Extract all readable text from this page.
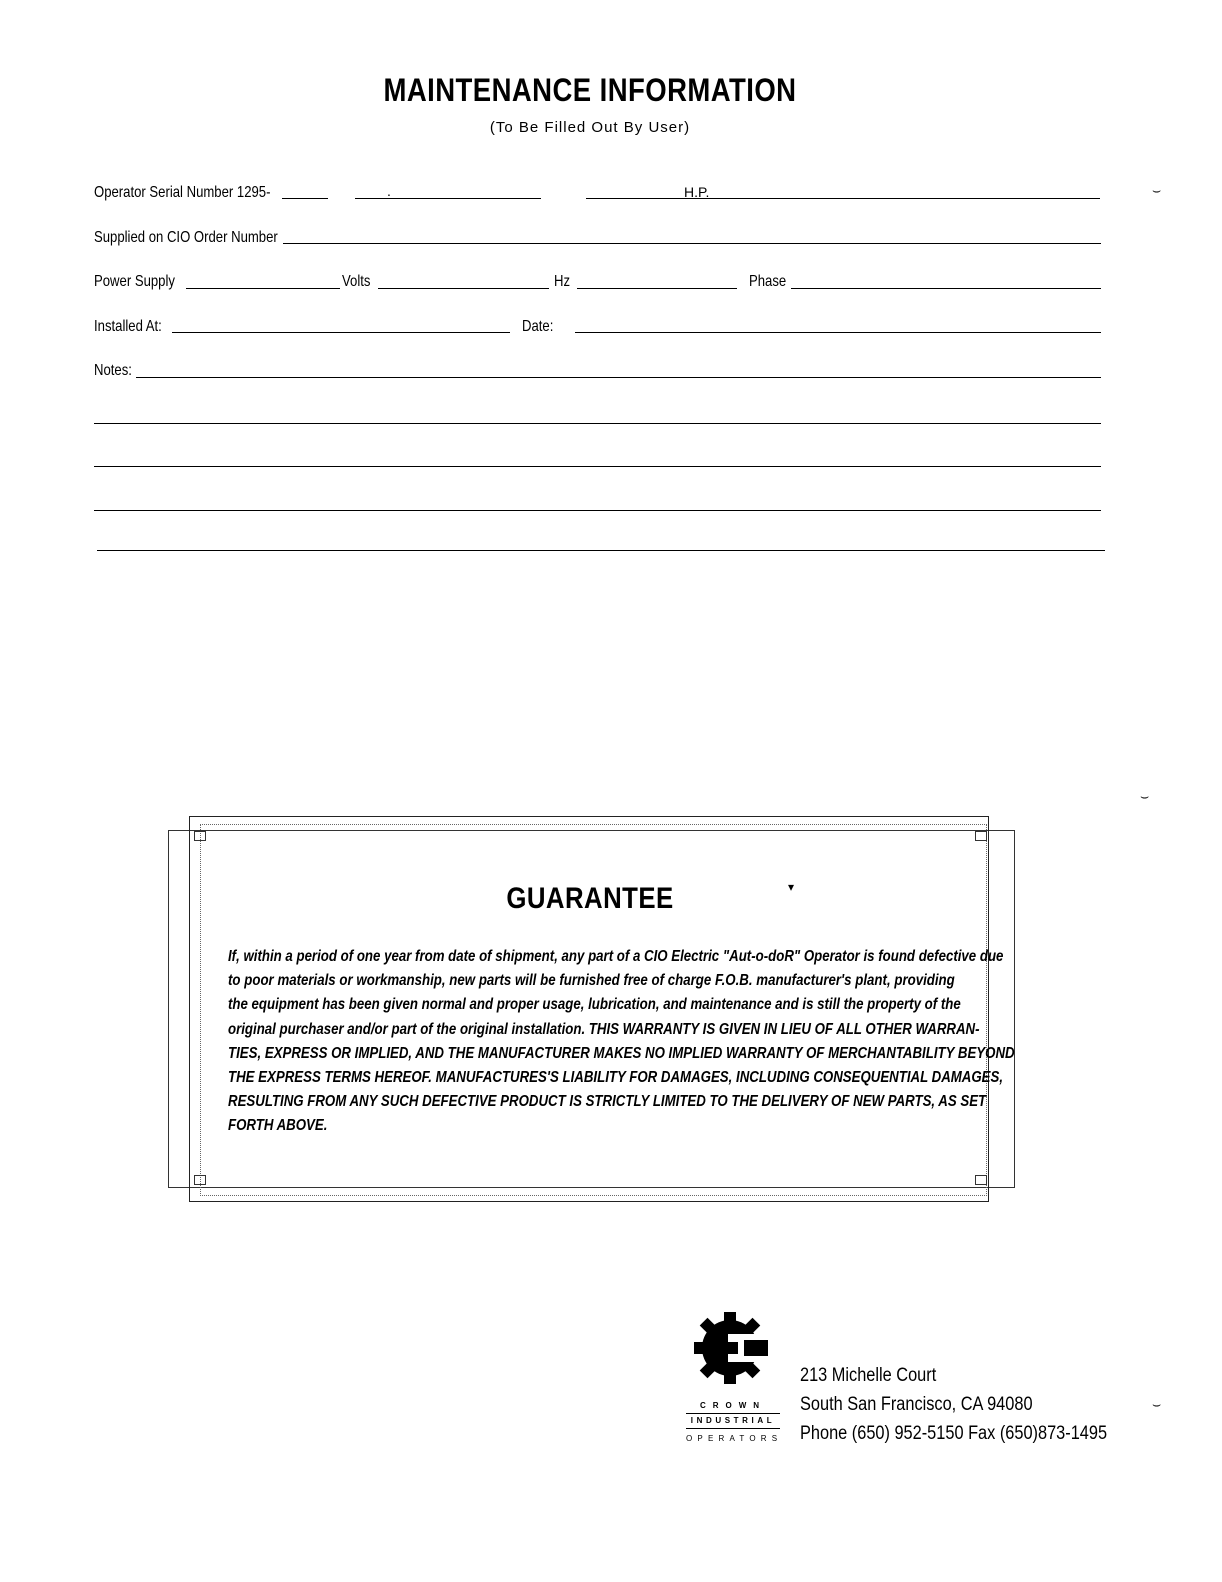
MAINTENANCE INFORMATION
(To Be Filled Out By User)
Operator Serial Number 1295-	.	H.P.
Supplied on CIO Order Number
Power Supply	Volts	Hz	Phase
Installed At:	Date:
Notes:
⌣
⌣
⌣
GUARANTEE	▾
If, within a period of one year from date of shipment, any part of a CIO Electric "Aut-o-doR" Operator is found defective due
to poor materials or workmanship, new parts will be furnished free of charge F.O.B. manufacturer's plant, providing
the equipment has been given normal and proper usage, lubrication, and maintenance and is still the property of the
original purchaser and/or part of the original installation. THIS WARRANTY IS GIVEN IN LIEU OF ALL OTHER WARRAN-
TIES, EXPRESS OR IMPLIED, AND THE MANUFACTURER MAKES NO IMPLIED WARRANTY OF MERCHANTABILITY BEYOND
THE EXPRESS TERMS HEREOF. MANUFACTURES'S LIABILITY FOR DAMAGES, INCLUDING CONSEQUENTIAL DAMAGES,
RESULTING FROM ANY SUCH DEFECTIVE PRODUCT IS STRICTLY LIMITED TO THE DELIVERY OF NEW PARTS, AS SET
FORTH ABOVE.
CROWN
INDUSTRIAL
OPERATORS
213 Michelle Court
South San Francisco, CA 94080
Phone (650) 952-5150 Fax (650)873-1495
